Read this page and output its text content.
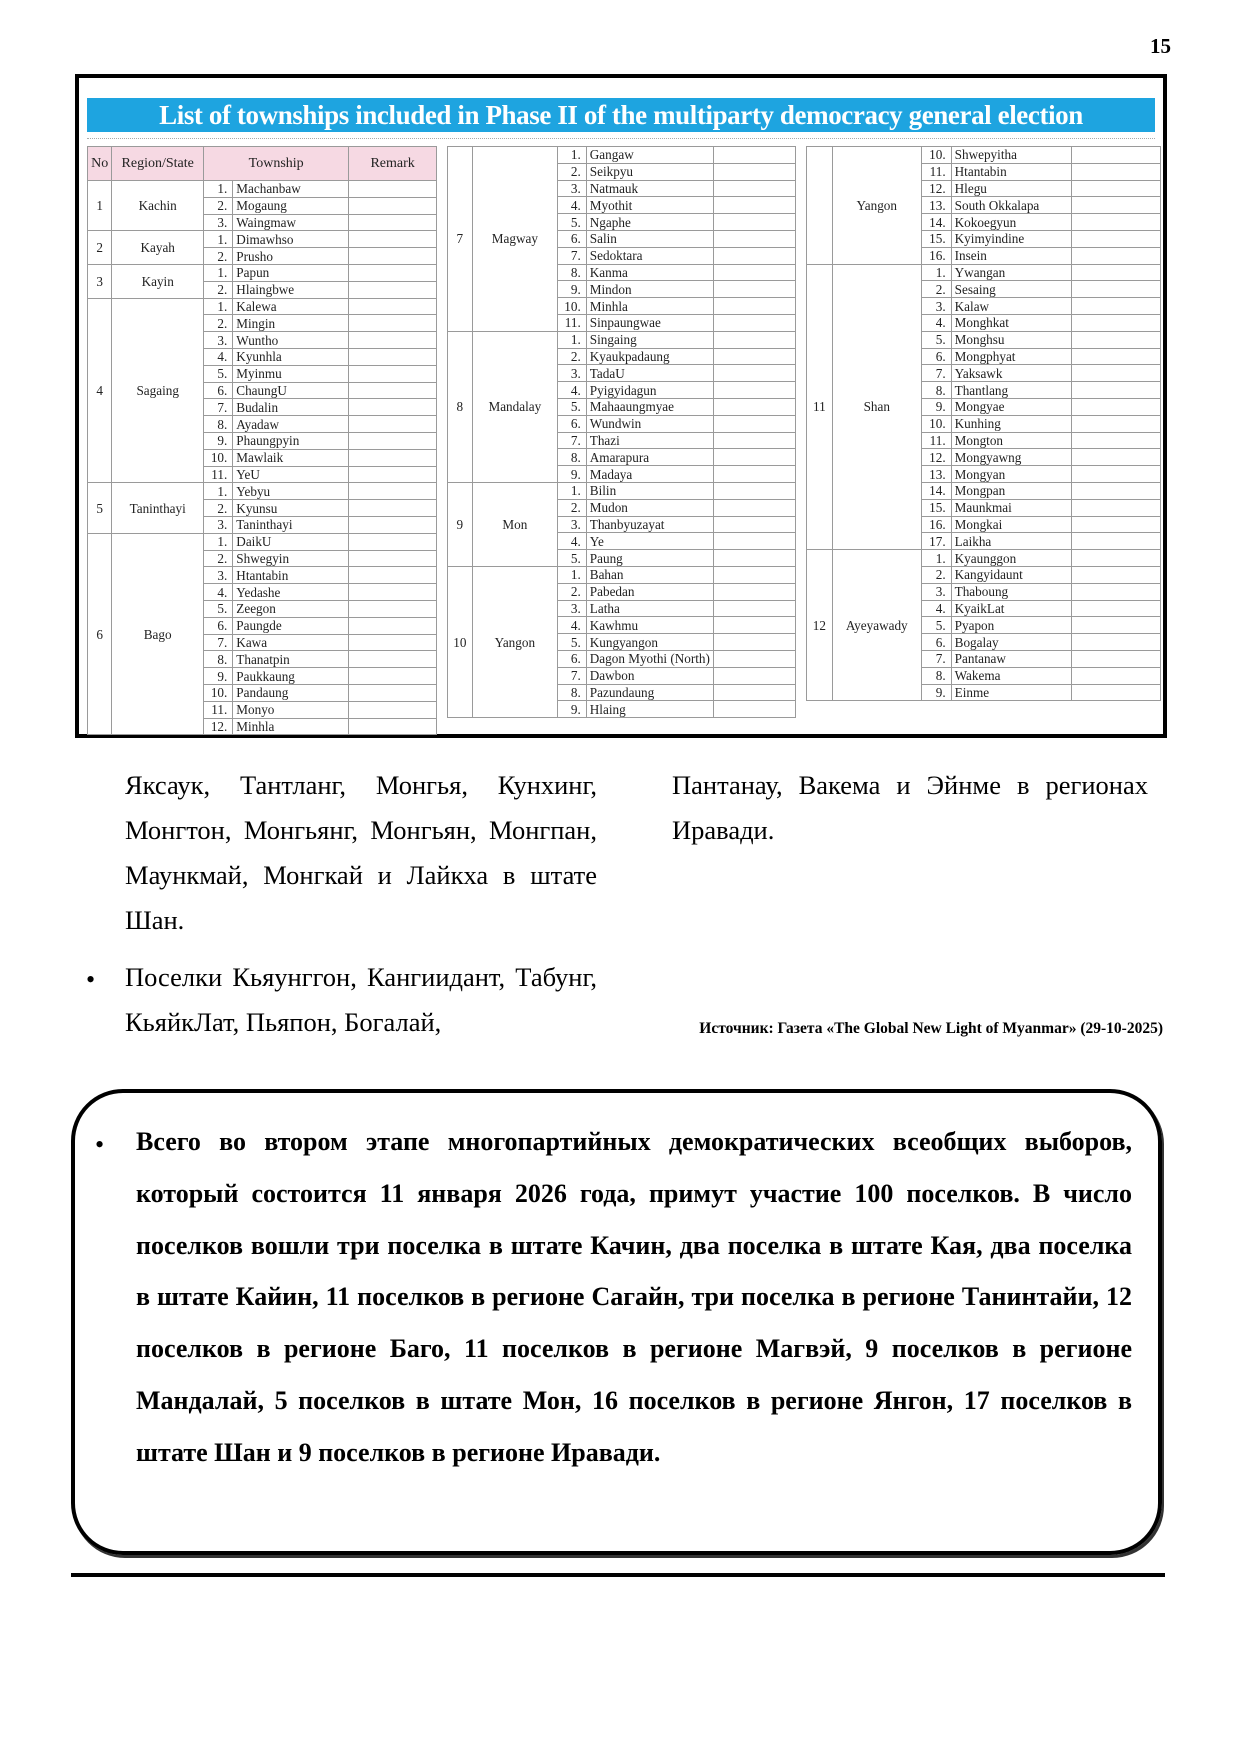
15
List of townships included in Phase II of the multiparty democracy general election
No	Region/State	Township		Remark
1	Kachin	1.	Machanbaw	
		2.	Mogaung	
		3.	Waingmaw	
2	Kayah	1.	Dimawhso	
		2.	Prusho	
3	Kayin	1.	Papun	
		2.	Hlaingbwe	
4	Sagaing	1.	Kalewa	
		2.	Mingin	
		3.	Wuntho	
		4.	Kyunhla	
		5.	Myinmu	
		6.	ChaungU	
		7.	Budalin	
		8.	Ayadaw	
		9.	Phaungpyin	
		10.	Mawlaik	
		11.	YeU	
5	Taninthayi	1.	Yebyu	
		2.	Kyunsu	
		3.	Taninthayi	
6	Bago	1.	DaikU	
		2.	Shwegyin	
		3.	Htantabin	
		4.	Yedashe	
		5.	Zeegon	
		6.	Paungde	
		7.	Kawa	
		8.	Thanatpin	
		9.	Paukkaung	
		10.	Pandaung	
		11.	Monyo	
		12.	Minhla	
7	Magway	1.	Gangaw	
		2.	Seikpyu	
		3.	Natmauk	
		4.	Myothit	
		5.	Ngaphe	
		6.	Salin	
		7.	Sedoktara	
		8.	Kanma	
		9.	Mindon	
		10.	Minhla	
		11.	Sinpaungwae	
8	Mandalay	1.	Singaing	
		2.	Kyaukpadaung	
		3.	TadaU	
		4.	Pyigyidagun	
		5.	Mahaaungmyae	
		6.	Wundwin	
		7.	Thazi	
		8.	Amarapura	
		9.	Madaya	
9	Mon	1.	Bilin	
		2.	Mudon	
		3.	Thanbyuzayat	
		4.	Ye	
		5.	Paung	
10	Yangon	1.	Bahan	
		2.	Pabedan	
		3.	Latha	
		4.	Kawhmu	
		5.	Kungyangon	
		6.	Dagon Myothi (North)	
		7.	Dawbon	
		8.	Pazundaung	
		9.	Hlaing	
	Yangon	10.	Shwepyitha	
		11.	Htantabin	
		12.	Hlegu	
		13.	South Okkalapa	
		14.	Kokoegyun	
		15.	Kyimyindine	
		16.	Insein	
11	Shan	1.	Ywangan	
		2.	Sesaing	
		3.	Kalaw	
		4.	Monghkat	
		5.	Monghsu	
		6.	Mongphyat	
		7.	Yaksawk	
		8.	Thantlang	
		9.	Mongyae	
		10.	Kunhing	
		11.	Mongton	
		12.	Mongyawng	
		13.	Mongyan	
		14.	Mongpan	
		15.	Maunkmai	
		16.	Mongkai	
		17.	Laikha	
12	Ayeyawady	1.	Kyaunggon	
		2.	Kangyidaunt	
		3.	Thaboung	
		4.	KyaikLat	
		5.	Pyapon	
		6.	Bogalay	
		7.	Pantanaw	
		8.	Wakema	
		9.	Einme	
Яксаук, Тантланг, Монгья, Кунхинг, Монгтон, Монгьянг, Монгьян, Монгпан, Маункмай, Монгкай и Лайкха в штате Шан.
• Поселки Кьяунггон, Кангиидант, Табунг, КьяйкЛат, Пьяпон, Богалай,
Пантанау, Вакема и Эйнме в регионах Иравади.
Источник: Газета «The Global New Light of Myanmar» (29-10-2025)
• Всего во втором этапе многопартийных демократических всеобщих выборов, который состоится 11 января 2026 года, примут участие 100 поселков. В число поселков вошли три поселка в штате Качин, два поселка в штате Кая, два поселка в штате Кайин, 11 поселков в регионе Сагайн, три поселка в регионе Танинтайи, 12 поселков в регионе Баго, 11 поселков в регионе Магвэй, 9 поселков в регионе Мандалай, 5 поселков в штате Мон, 16 поселков в регионе Янгон, 17 поселков в штате Шан и 9 поселков в регионе Иравади.
